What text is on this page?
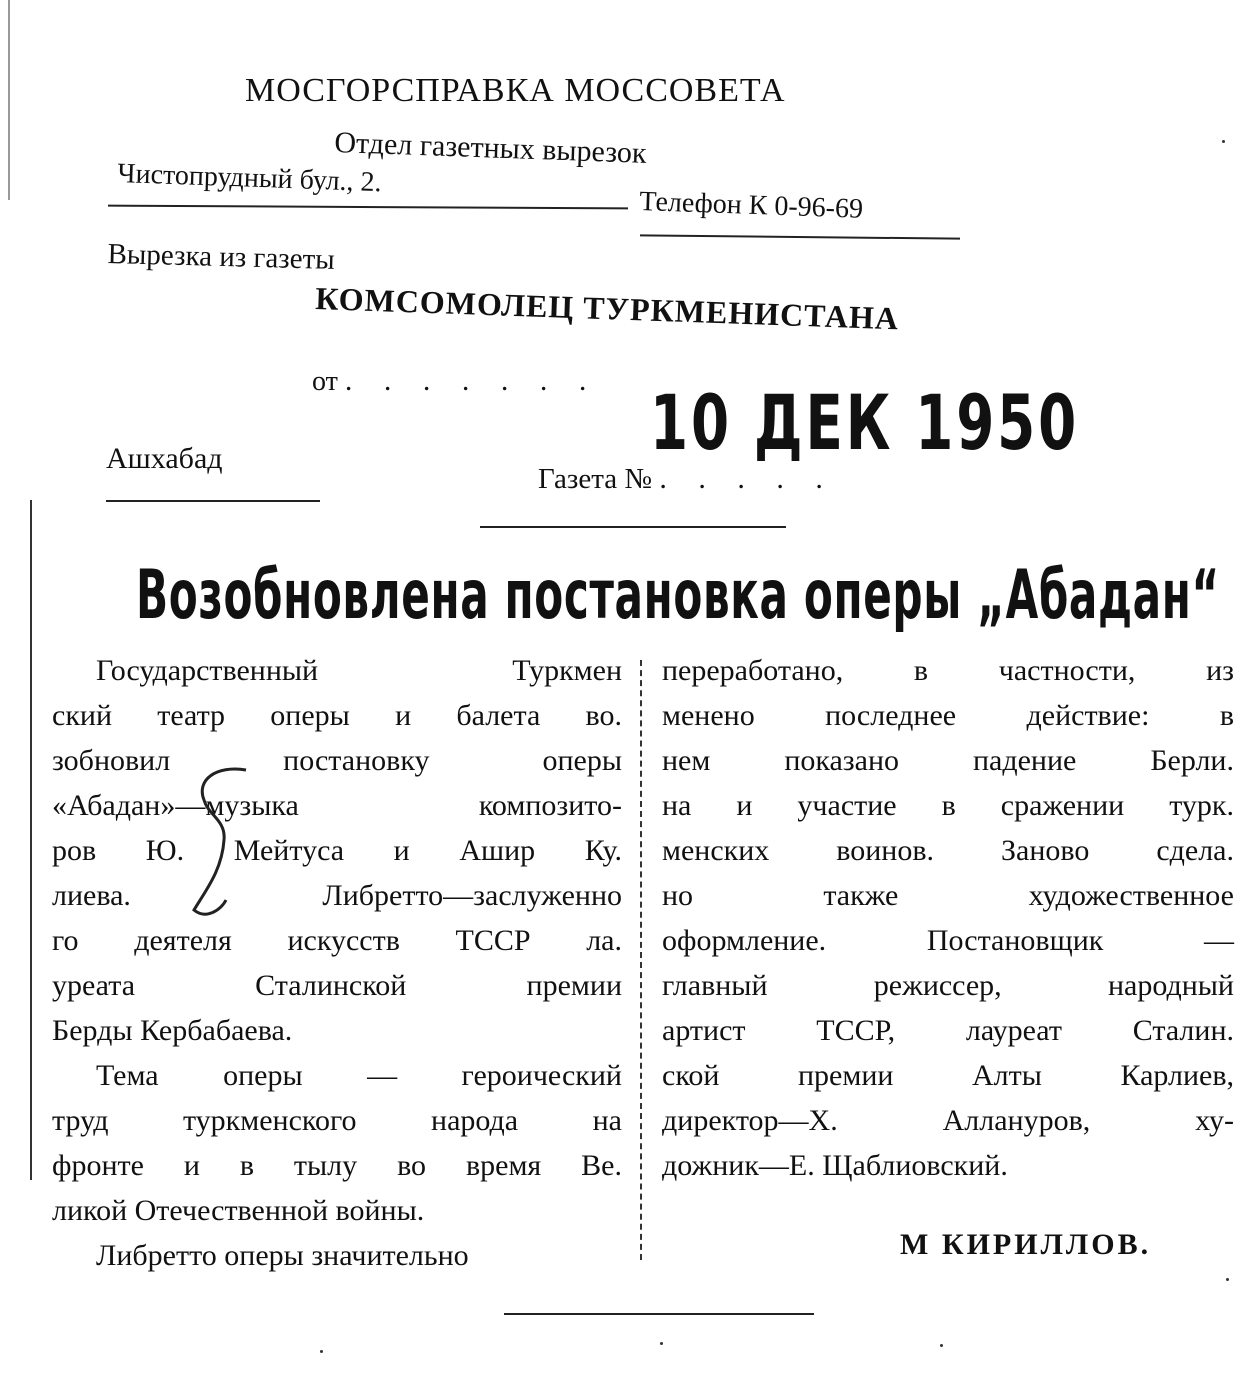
МОСГОРСПРАВКА МОССОВЕТА
Отдел газетных вырезок
Чистопрудный бул., 2.
Телефон К 0-96-69
Вырезка из газеты
КОМСОМОЛЕЦ ТУРКМЕНИСТАНА
от . . . . . . . 10 ДЕК 1950
Ашхабад
Газета № . . . . .
Возобновлена постановка оперы „Абадан“
Государственный Туркмен
ский театр оперы и балета во.
зобновил постановку оперы
«Абадан»—музыка композито-
ров Ю. Мейтуса и Ашир Ку.
лиева. Либретто—заслуженно
го деятеля искусств ТССР ла.
уреата Сталинской премии
Берды Кербабаева.
Тема оперы — героический
труд туркменского народа на
фронте и в тылу во время Ве.
ликой Отечественной войны.
Либретто оперы значительно
переработано, в частности, из
менено последнее действие: в
нем показано падение Берли.
на и участие в сражении турк.
менских воинов. Заново сдела.
но также художественное
оформление. Постановщик —
главный режиссер, народный
артист ТССР, лауреат Сталин.
ской премии Алты Карлиев,
директор—Х. Аллануров, ху-
дожник—Е. Щаблиовский.
М КИРИЛЛОВ.
